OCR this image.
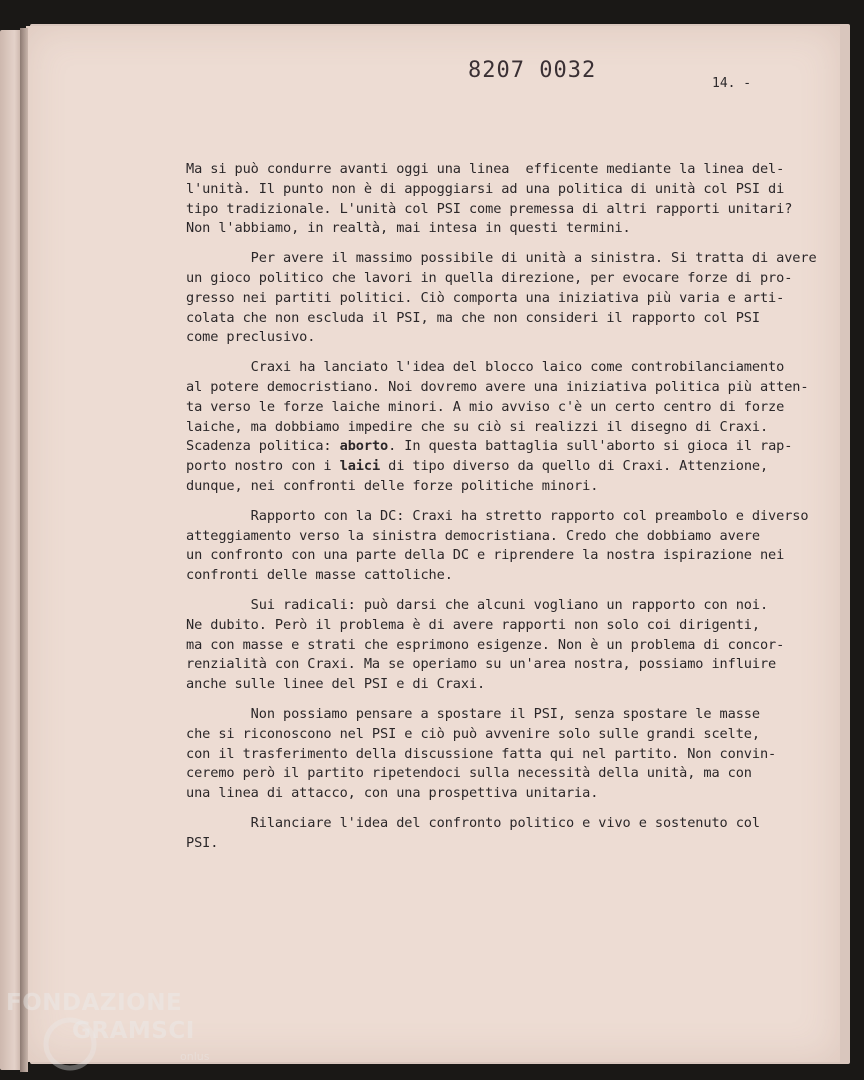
8207 0032
14. -
Ma si può condurre avanti oggi una linea  efficente mediante la linea del-
l'unità. Il punto non è di appoggiarsi ad una politica di unità col PSI di
tipo tradizionale. L'unità col PSI come premessa di altri rapporti unitari?
Non l'abbiamo, in realtà, mai intesa in questi termini.
Per avere il massimo possibile di unità a sinistra. Si tratta di avere
un gioco politico che lavori in quella direzione, per evocare forze di pro-
gresso nei partiti politici. Ciò comporta una iniziativa più varia e arti-
colata che non escluda il PSI, ma che non consideri il rapporto col PSI
come preclusivo.
Craxi ha lanciato l'idea del blocco laico come controbilanciamento
al potere democristiano. Noi dovremo avere una iniziativa politica più atten-
ta verso le forze laiche minori. A mio avviso c'è un certo centro di forze
laiche, ma dobbiamo impedire che su ciò si realizzi il disegno di Craxi.
Scadenza politica: aborto. In questa battaglia sull'aborto si gioca il rap-
porto nostro con i laici di tipo diverso da quello di Craxi. Attenzione,
dunque, nei confronti delle forze politiche minori.
Rapporto con la DC: Craxi ha stretto rapporto col preambolo e diverso
atteggiamento verso la sinistra democristiana. Credo che dobbiamo avere
un confronto con una parte della DC e riprendere la nostra ispirazione nei
confronti delle masse cattoliche.
Sui radicali: può darsi che alcuni vogliano un rapporto con noi.
Ne dubito. Però il problema è di avere rapporti non solo coi dirigenti,
ma con masse e strati che esprimono esigenze. Non è un problema di concor-
renzialità con Craxi. Ma se operiamo su un'area nostra, possiamo influire
anche sulle linee del PSI e di Craxi.
Non possiamo pensare a spostare il PSI, senza spostare le masse
che si riconoscono nel PSI e ciò può avvenire solo sulle grandi scelte,
con il trasferimento della discussione fatta qui nel partito. Non convin-
ceremo però il partito ripetendoci sulla necessità della unità, ma con
una linea di attacco, con una prospettiva unitaria.
Rilanciare l'idea del confronto politico e vivo e sostenuto col
PSI.
FONDAZIONE
GRAMSCI
onlus
